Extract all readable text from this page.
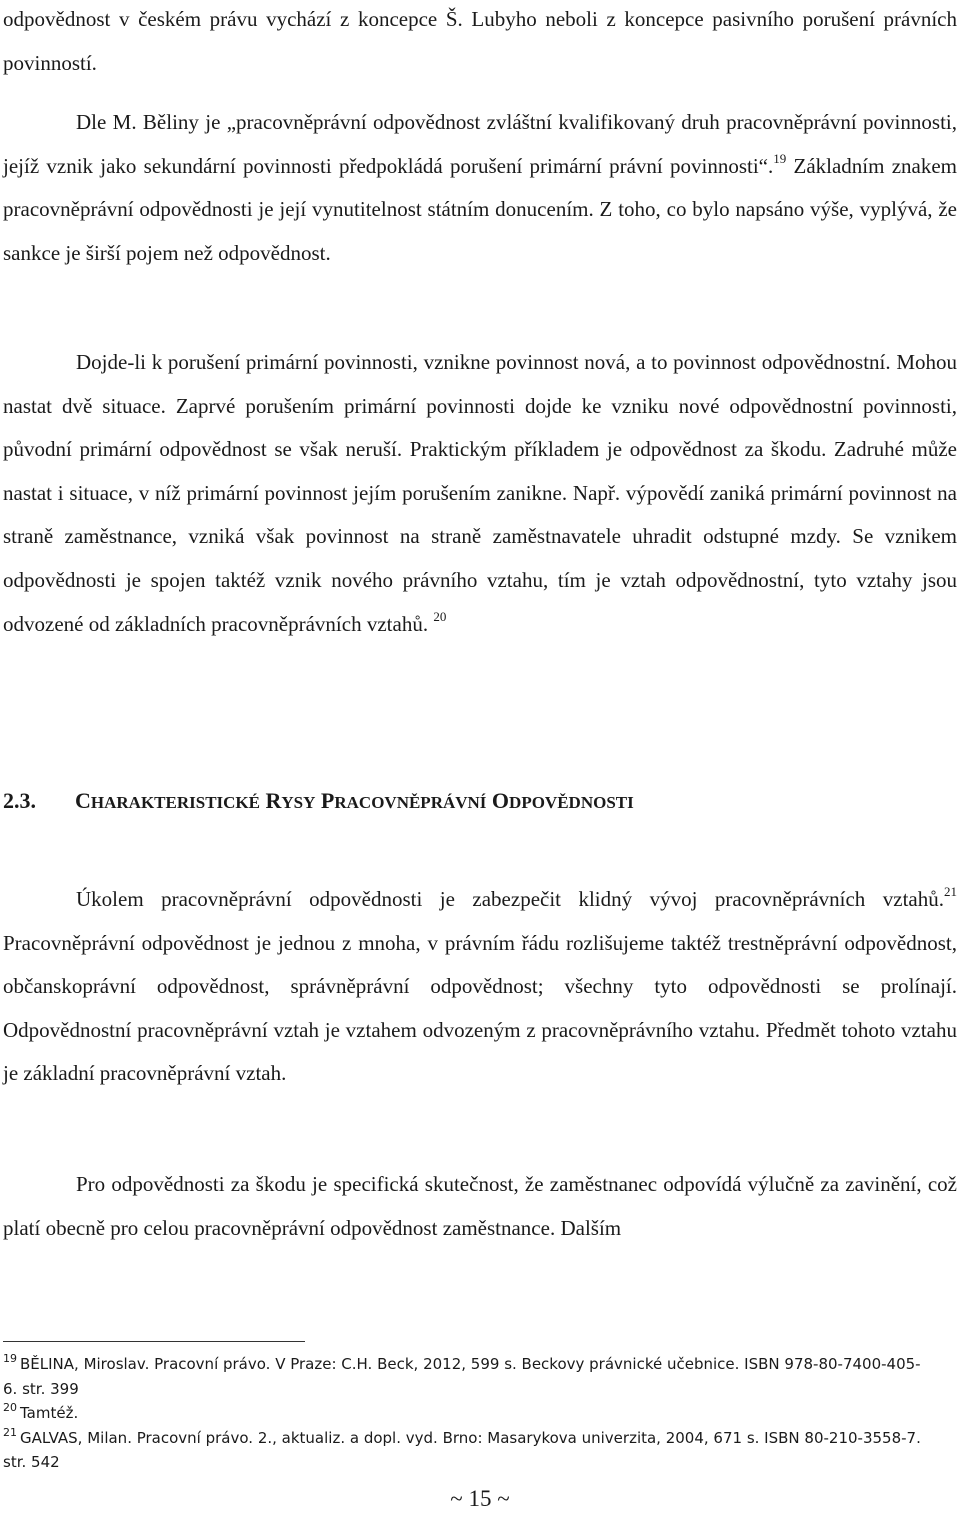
odpovědnost v českém právu vychází z koncepce Š. Lubyho neboli z koncepce pasivního porušení právních povinností.

Dle M. Běliny je „pracovněprávní odpovědnost zvláštní kvalifikovaný druh pracovněprávní povinnosti, jejíž vznik jako sekundární povinnosti předpokládá porušení primární právní povinnosti“.$^{19}$ Základním znakem pracovněprávní odpovědnosti je její vynutitelnost státním donucením. Z toho, co bylo napsáno výše, vyplývá, že sankce je širší pojem než odpovědnost.

Dojde-li k porušení primární povinnosti, vznikne povinnost nová, a to povinnost odpovědnostní. Mohou nastat dvě situace. Zaprvé porušením primární povinnosti dojde ke vzniku nové odpovědnostní povinnosti, původní primární odpovědnost se však neruší. Praktickým příkladem je odpovědnost za škodu. Zadruhé může nastat i situace, v níž primární povinnost jejím porušením zanikne. Např. výpovědí zaniká primární povinnost na straně zaměstnance, vzniká však povinnost na straně zaměstnavatele uhradit odstupné mzdy. Se vznikem odpovědnosti je spojen taktéž vznik nového právního vztahu, tím je vztah odpovědnostní, tyto vztahy jsou odvozené od základních pracovněprávních vztahů. $^{20}$

2.3. CHARAKTERISTICKÉ RYSY PRACOVNĚPRÁVNÍ ODPOVĚDNOSTI

Úkolem pracovněprávní odpovědnosti je zabezpečit klidný vývoj pracovněprávních vztahů.$^{21}$ Pracovněprávní odpovědnost je jednou z mnoha, v právním řádu rozlišujeme taktéž trestněprávní odpovědnost, občanskoprávní odpovědnost, správněprávní odpovědnost; všechny tyto odpovědnosti se prolínají. Odpovědnostní pracovněprávní vztah je vztahem odvozeným z pracovněprávního vztahu. Předmět tohoto vztahu je základní pracovněprávní vztah.

Pro odpovědnosti za škodu je specifická skutečnost, že zaměstnanec odpovídá výlučně za zavinění, což platí obecně pro celou pracovněprávní odpovědnost zaměstnance. Dalším

$^{19}$ BĚLINA, Miroslav. Pracovní právo. V Praze: C.H. Beck, 2012, 599 s. Beckovy právnické učebnice. ISBN 978-80-7400-405-6. str. 399

$^{20}$ Tamtéž.

$^{21}$ GALVAS, Milan. Pracovní právo. 2., aktualiz. a dopl. vyd. Brno: Masarykova univerzita, 2004, 671 s. ISBN 80-210-3558-7. str. 542

~ 15 ~
